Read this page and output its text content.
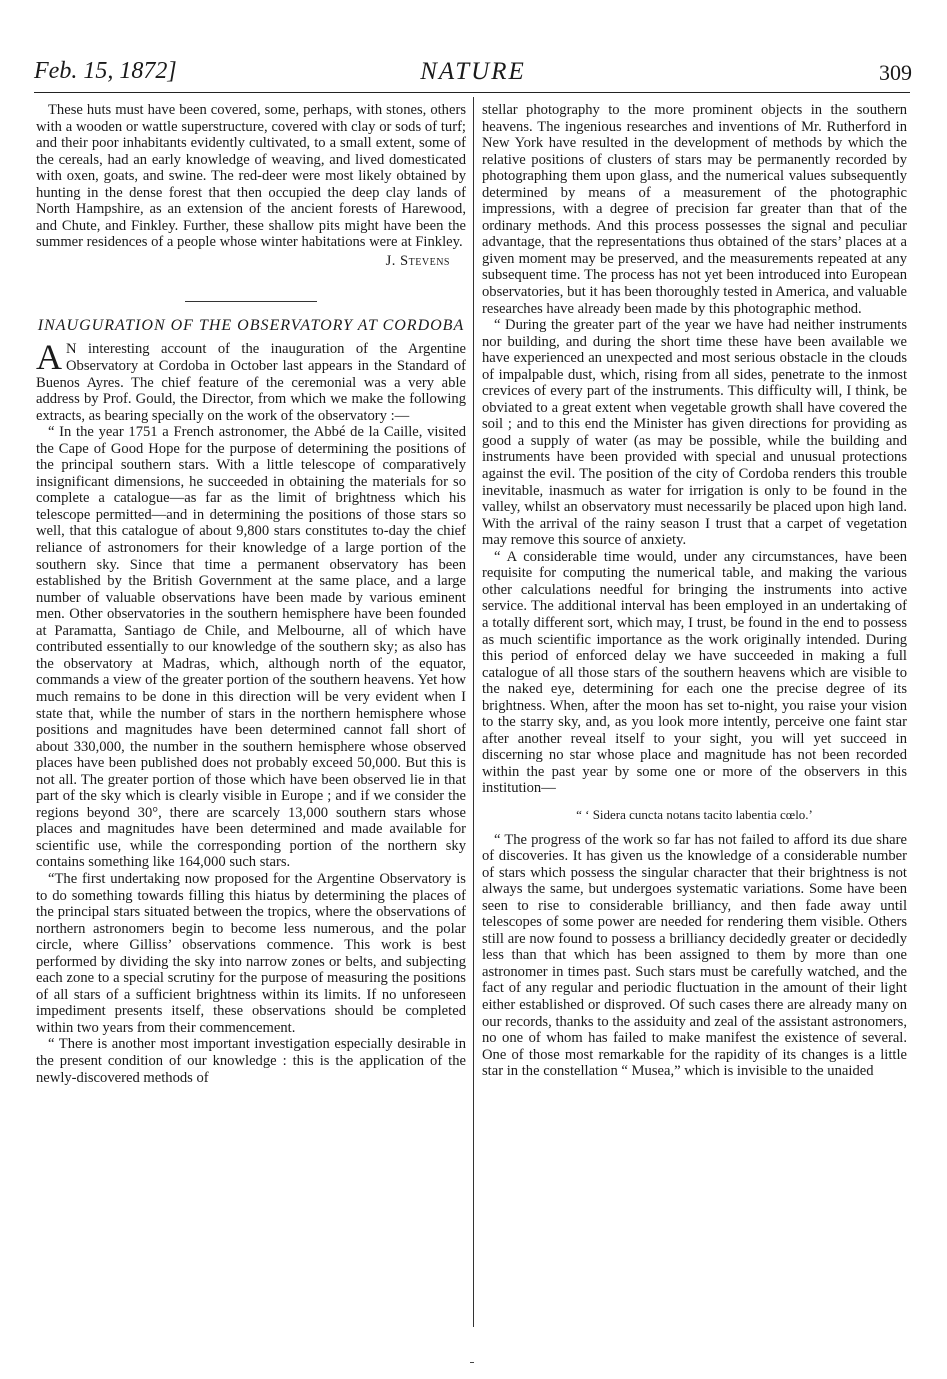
Feb. 15, 1872]	NATURE	309

These huts must have been covered, some, perhaps, with stones, others with a wooden or wattle superstructure, covered with clay or sods of turf; and their poor inhabitants evidently cultivated, to a small extent, some of the cereals, had an early knowledge of weaving, and lived domesticated with oxen, goats, and swine. The red-deer were most likely obtained by hunting in the dense forest that then occupied the deep clay lands of North Hampshire, as an extension of the ancient forests of Harewood, and Chute, and Finkley. Further, these shallow pits might have been the summer residences of a people whose winter habitations were at Finkley.

J. Stevens

INAUGURATION OF THE OBSERVATORY AT CORDOBA

A N interesting account of the inauguration of the Argentine Observatory at Cordoba in October last appears in the Standard of Buenos Ayres. The chief feature of the ceremonial was a very able address by Prof. Gould, the Director, from which we make the following extracts, as bearing specially on the work of the observatory :—

“ In the year 1751 a French astronomer, the Abbé de la Caille, visited the Cape of Good Hope for the purpose of determining the positions of the principal southern stars. With a little telescope of comparatively insignificant dimensions, he succeeded in obtaining the materials for so complete a catalogue—as far as the limit of brightness which his telescope permitted—and in determining the positions of those stars so well, that this catalogue of about 9,800 stars constitutes to-day the chief reliance of astronomers for their knowledge of a large portion of the southern sky. Since that time a permanent observatory has been established by the British Government at the same place, and a large number of valuable observations have been made by various eminent men. Other observatories in the southern hemisphere have been founded at Paramatta, Santiago de Chile, and Melbourne, all of which have contributed essentially to our knowledge of the southern sky; as also has the observatory at Madras, which, although north of the equator, commands a view of the greater portion of the southern heavens. Yet how much remains to be done in this direction will be very evident when I state that, while the number of stars in the northern hemisphere whose positions and magnitudes have been determined cannot fall short of about 330,000, the number in the southern hemisphere whose observed places have been published does not probably exceed 50,000. But this is not all. The greater portion of those which have been observed lie in that part of the sky which is clearly visible in Europe ; and if we consider the regions beyond 30°, there are scarcely 13,000 southern stars whose places and magnitudes have been determined and made available for scientific use, while the corresponding portion of the northern sky contains something like 164,000 such stars.

“The first undertaking now proposed for the Argentine Observatory is to do something towards filling this hiatus by determining the places of the principal stars situated between the tropics, where the observations of northern astronomers begin to become less numerous, and the polar circle, where Gilliss’ observations commence. This work is best performed by dividing the sky into narrow zones or belts, and subjecting each zone to a special scrutiny for the purpose of measuring the positions of all stars of a sufficient brightness within its limits. If no unforeseen impediment presents itself, these observations should be completed within two years from their commencement.

“ There is another most important investigation especially desirable in the present condition of our knowledge : this is the application of the newly-discovered methods of

stellar photography to the more prominent objects in the southern heavens. The ingenious researches and inventions of Mr. Rutherford in New York have resulted in the development of methods by which the relative positions of clusters of stars may be permanently recorded by photographing them upon glass, and the numerical values subsequently determined by means of a measurement of the photographic impressions, with a degree of precision far greater than that of the ordinary methods. And this process possesses the signal and peculiar advantage, that the representations thus obtained of the stars’ places at a given moment may be preserved, and the measurements repeated at any subsequent time. The process has not yet been introduced into European observatories, but it has been thoroughly tested in America, and valuable researches have already been made by this photographic method.

“ During the greater part of the year we have had neither instruments nor building, and during the short time these have been available we have experienced an unexpected and most serious obstacle in the clouds of impalpable dust, which, rising from all sides, penetrate to the inmost crevices of every part of the instruments. This difficulty will, I think, be obviated to a great extent when vegetable growth shall have covered the soil ; and to this end the Minister has given directions for providing as good a supply of water (as may be possible, while the building and instruments have been provided with special and unusual protections against the evil. The position of the city of Cordoba renders this trouble inevitable, inasmuch as water for irrigation is only to be found in the valley, whilst an observatory must necessarily be placed upon high land. With the arrival of the rainy season I trust that a carpet of vegetation may remove this source of anxiety.

“ A considerable time would, under any circumstances, have been requisite for computing the numerical table, and making the various other calculations needful for bringing the instruments into active service. The additional interval has been employed in an undertaking of a totally different sort, which may, I trust, be found in the end to possess as much scientific importance as the work originally intended. During this period of enforced delay we have succeeded in making a full catalogue of all those stars of the southern heavens which are visible to the naked eye, determining for each one the precise degree of its brightness. When, after the moon has set to-night, you raise your vision to the starry sky, and, as you look more intently, perceive one faint star after another reveal itself to your sight, you will yet succeed in discerning no star whose place and magnitude has not been recorded within the past year by some one or more of the observers in this institution—

“ ‘ Sidera cuncta notans tacito labentia cœlo.’

“ The progress of the work so far has not failed to afford its due share of discoveries. It has given us the knowledge of a considerable number of stars which possess the singular character that their brightness is not always the same, but undergoes systematic variations. Some have been seen to rise to considerable brilliancy, and then fade away until telescopes of some power are needed for rendering them visible. Others still are now found to possess a brilliancy decidedly greater or decidedly less than that which has been assigned to them by more than one astronomer in times past. Such stars must be carefully watched, and the fact of any regular and periodic fluctuation in the amount of their light either established or disproved. Of such cases there are already many on our records, thanks to the assiduity and zeal of the assistant astronomers, no one of whom has failed to make manifest the existence of several. One of those most remarkable for the rapidity of its changes is a little star in the constellation “ Musea,” which is invisible to the unaided
